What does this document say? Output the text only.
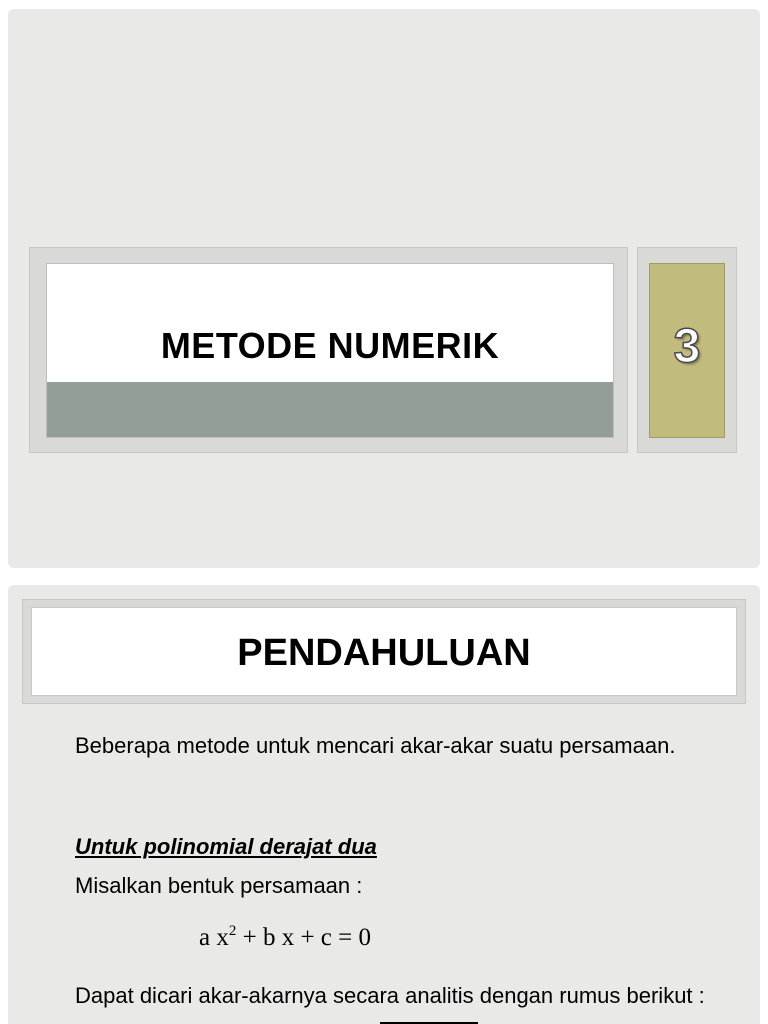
METODE NUMERIK	3
PENDAHULUAN
Beberapa metode untuk mencari akar-akar suatu persamaan.
Untuk polinomial derajat dua
Misalkan bentuk persamaan :
a $x^2 + b$ x + c = 0
Dapat dicari akar-akarnya secara analitis dengan rumus berikut :
